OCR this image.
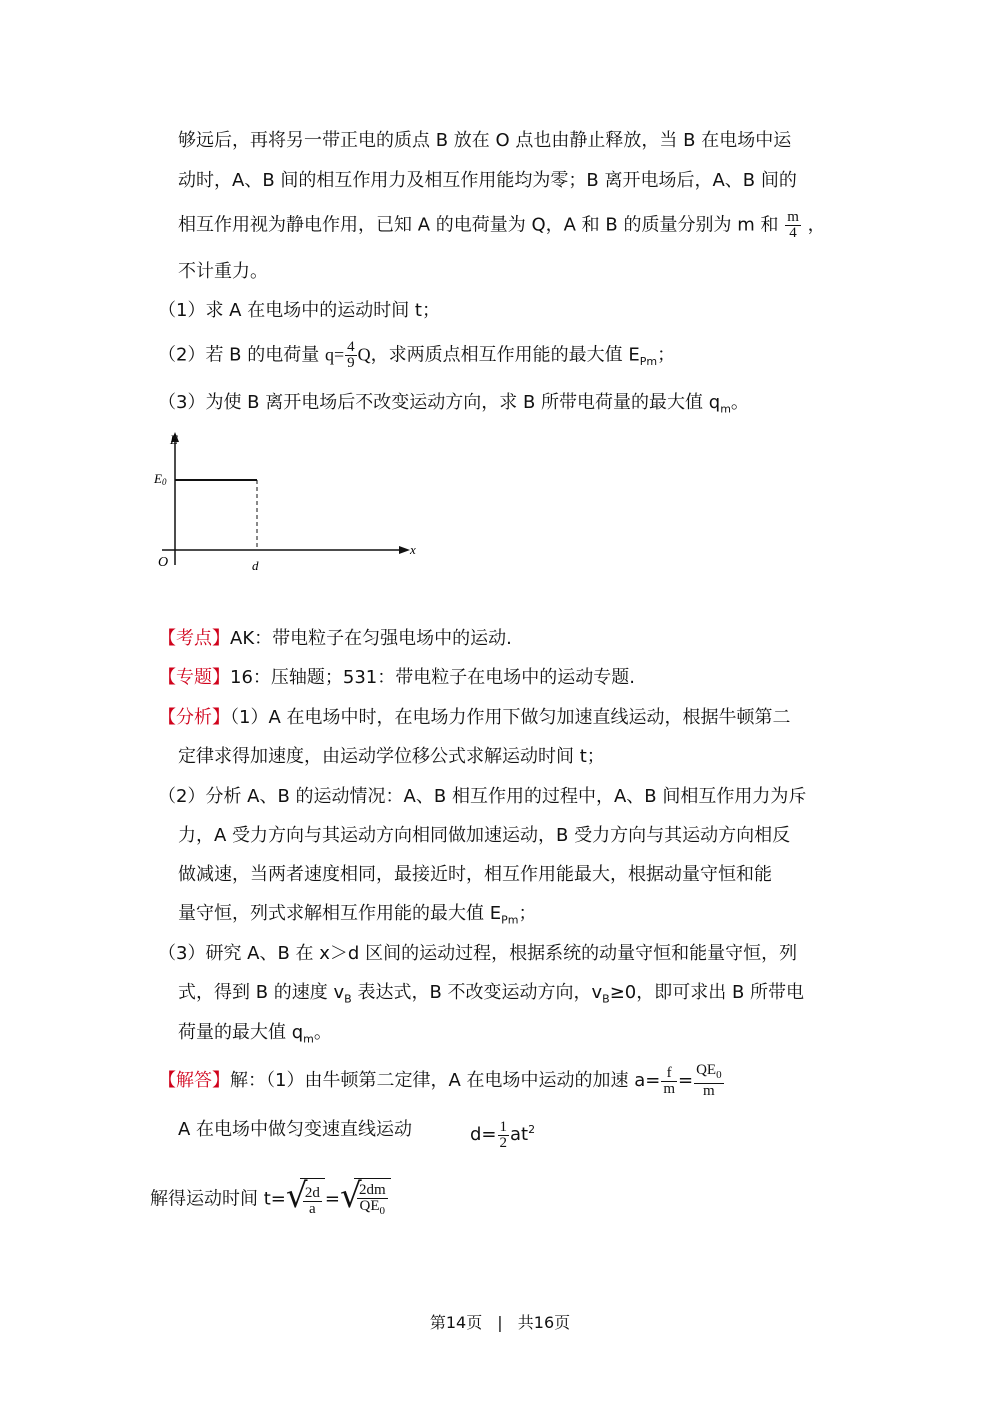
够远后，再将另一带正电的质点 B 放在 O 点也由静止释放，当 B 在电场中运
动时，A、B 间的相互作用力及相互作用能均为零；B 离开电场后，A、B 间的
相互作用视为静电作用，已知 A 的电荷量为 Q，A 和 B 的质量分别为 m 和 $\frac{m}{4}$ ，
不计重力。
（1）求 A 在电场中的运动时间 t；
（2）若 B 的电荷量 $q= \frac{4}{9}$ Q，求两质点相互作用能的最大值 $E_{Pm}$；
（3）为使 B 离开电场后不改变运动方向，求 B 所带电荷量的最大值 $q_m$。
E
x
O
E0
d
【考点】AK：带电粒子在匀强电场中的运动.
【专题】16：压轴题；531：带电粒子在电场中的运动专题.
【分析】（1）A 在电场中时，在电场力作用下做匀加速直线运动，根据牛顿第二
定律求得加速度，由运动学位移公式求解运动时间 t；
（2）分析 A、B 的运动情况：A、B 相互作用的过程中，A、B 间相互作用力为斥
力，A 受力方向与其运动方向相同做加速运动，B 受力方向与其运动方向相反
做减速，当两者速度相同，最接近时，相互作用能最大，根据动量守恒和能
量守恒，列式求解相互作用能的最大值 $E_{Pm}$；
（3）研究 A、B 在 x＞d 区间的运动过程，根据系统的动量守恒和能量守恒，列
式，得到 B 的速度 $v_B$ 表达式，B 不改变运动方向，$v_B\ge 0$，即可求出 B 所带电
荷量的最大值 $q_m$。
【解答】解：（1）由牛顿第二定律，A 在电场中运动的加速 $a= \frac{f}{m} = \frac{QE_0}{m}$
A 在电场中做匀变速直线运动	$d= \frac{1}{2} at^2$
解得运动时间 t= √
$\frac{2d}{a}$ = √
$\frac{2dm}{QE_0}$
第14页 | 共16页
